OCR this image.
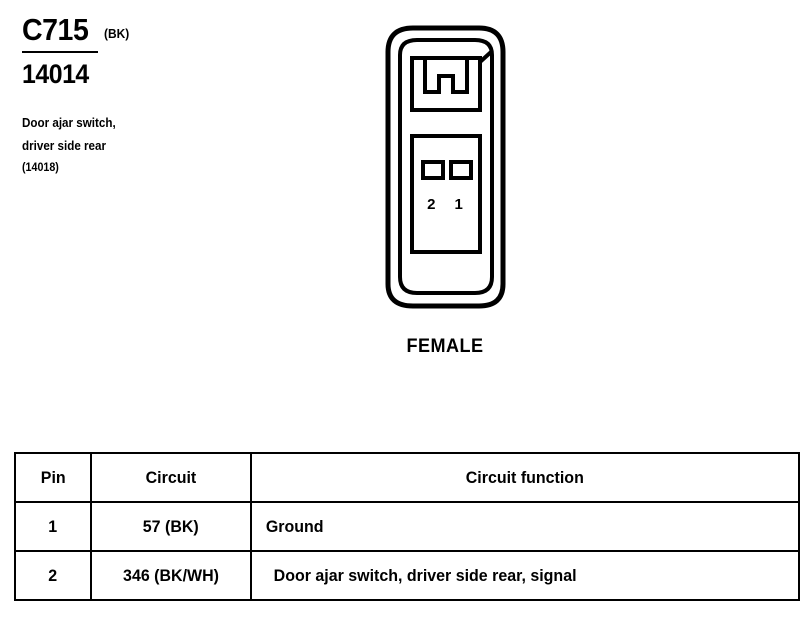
C715 (BK)
14014
Door ajar switch,
driver side rear
(14018)
2 1
FEMALE
Pin	Circuit	Circuit function
1	57 (BK)	Ground
2	346 (BK/WH)	Door ajar switch, driver side rear, signal
